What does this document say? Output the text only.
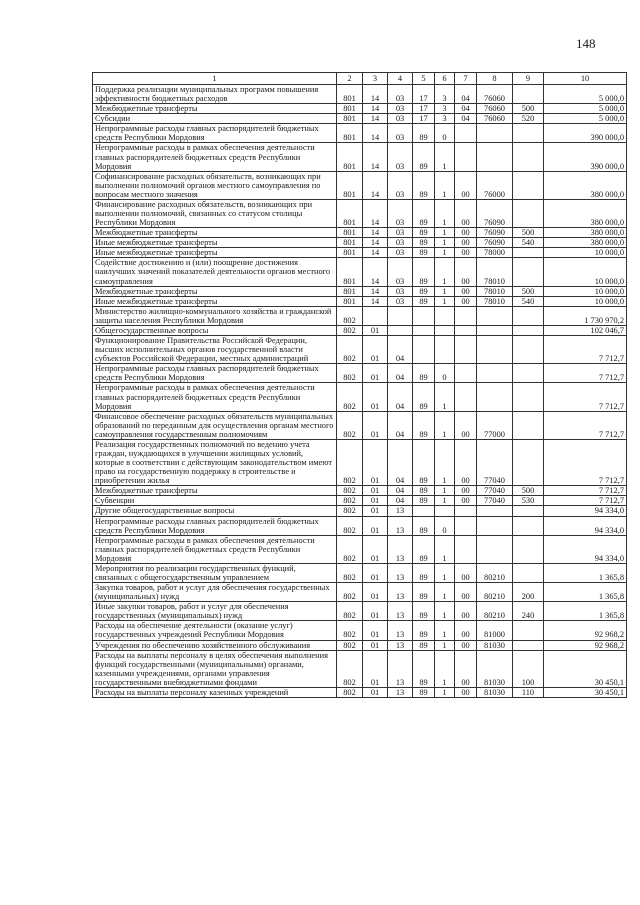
148
1	2	3	4	5	6	7	8	9	10
Поддержка реализации муниципальных программ повышения эффективности бюджетных расходов	801	14	03	17	3	04	76060		5 000,0
Межбюджетные трансферты	801	14	03	17	3	04	76060	500	5 000,0
Субсидии	801	14	03	17	3	04	76060	520	5 000,0
Непрограммные расходы главных распорядителей бюджетных средств Республики Мордовия	801	14	03	89	0				390 000,0
Непрограммные расходы в рамках обеспечения деятельности главных распорядителей бюджетных средств Республики Мордовия	801	14	03	89	1				390 000,0
Софинансирование расходных обязательств, возникающих при выполнении полномочий органов местного самоуправления по вопросам местного значения	801	14	03	89	1	00	76000		380 000,0
Финансирование расходных обязательств, возникающих при выполнении полномочий, связанных со статусом столицы Республики Мордовия	801	14	03	89	1	00	76090		380 000,0
Межбюджетные трансферты	801	14	03	89	1	00	76090	500	380 000,0
Иные межбюджетные трансферты	801	14	03	89	1	00	76090	540	380 000,0
Иные межбюджетные трансферты	801	14	03	89	1	00	78000		10 000,0
Содействие достижению и (или) поощрение достижения наилучших значений показателей деятельности органов местного самоуправления	801	14	03	89	1	00	78010		10 000,0
Межбюджетные трансферты	801	14	03	89	1	00	78010	500	10 000,0
Иные межбюджетные трансферты	801	14	03	89	1	00	78010	540	10 000,0
Министерство жилищно-коммунального хозяйства и гражданской защиты населения Республики Мордовия	802								1 730 970,2
Общегосударственные вопросы	802	01							102 046,7
Функционирование Правительства Российской Федерации, высших исполнительных органов государственной власти субъектов Российской Федерации, местных администраций	802	01	04						7 712,7
Непрограммные расходы главных распорядителей бюджетных средств Республики Мордовия	802	01	04	89	0				7 712,7
Непрограммные расходы в рамках обеспечения деятельности главных распорядителей бюджетных средств Республики Мордовия	802	01	04	89	1				7 712,7
Финансовое обеспечение расходных обязательств муниципальных образований по переданным для осуществления органам местного самоуправления государственным полномочиям	802	01	04	89	1	00	77000		7 712,7
Реализация государственных полномочий по ведению учета граждан, нуждающихся в улучшении жилищных условий, которые в соответствии с действующим законодательством имеют право на государственную поддержку в строительстве и приобретении жилья	802	01	04	89	1	00	77040		7 712,7
Межбюджетные трансферты	802	01	04	89	1	00	77040	500	7 712,7
Субвенции	802	01	04	89	1	00	77040	530	7 712,7
Другие общегосударственные вопросы	802	01	13						94 334,0
Непрограммные расходы главных распорядителей бюджетных средств Республики Мордовия	802	01	13	89	0				94 334,0
Непрограммные расходы в рамках обеспечения деятельности главных распорядителей бюджетных средств Республики Мордовия	802	01	13	89	1				94 334,0
Мероприятия по реализации государственных функций, связанных с общегосударственным управлением	802	01	13	89	1	00	80210		1 365,8
Закупка товаров, работ и услуг для обеспечения государственных (муниципальных) нужд	802	01	13	89	1	00	80210	200	1 365,8
Иные закупки товаров, работ и услуг для обеспечения государственных (муниципальных) нужд	802	01	13	89	1	00	80210	240	1 365,8
Расходы на обеспечение деятельности (оказание услуг) государственных учреждений Республики Мордовия	802	01	13	89	1	00	81000		92 968,2
Учреждения по обеспечению хозяйственного обслуживания	802	01	13	89	1	00	81030		92 968,2
Расходы на выплаты персоналу в целях обеспечения выполнения функций государственными (муниципальными) органами, казенными учреждениями, органами управления государственными внебюджетными фондами	802	01	13	89	1	00	81030	100	30 450,1
Расходы на выплаты персоналу казенных учреждений	802	01	13	89	1	00	81030	110	30 450,1
